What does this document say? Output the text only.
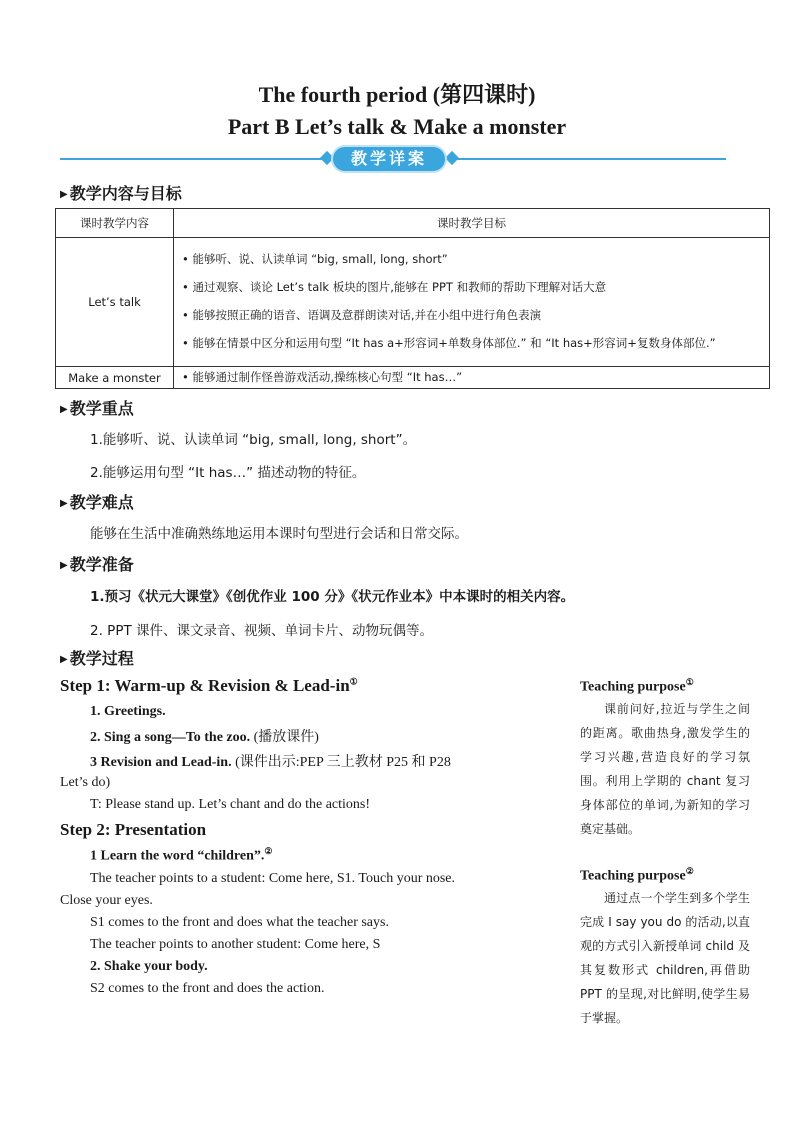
The fourth period (第四课时)
Part B Let’s talk & Make a monster
教学详案
▶ 教学内容与目标
课时教学内容	课时教学目标
Let’s talk	• 能够听、说、认读单词 “big, small, long, short”
• 通过观察、谈论 Let’s talk 板块的图片,能够在 PPT 和教师的帮助下理解对话大意
• 能够按照正确的语音、语调及意群朗读对话,并在小组中进行角色表演
• 能够在情景中区分和运用句型 “It has a+形容词+单数身体部位.” 和 “It has+形容词+复数身体部位.”

Make a monster	• 能够通过制作怪兽游戏活动,操练核心句型 “It has…”
▶ 教学重点
1.能够听、说、认读单词 “big, small, long, short”。
2.能够运用句型 “It has…” 描述动物的特征。
▶ 教学难点
能够在生活中准确熟练地运用本课时句型进行会话和日常交际。
▶ 教学准备
1.预习《状元大课堂》《创优作业 100 分》《状元作业本》中本课时的相关内容。
2. PPT 课件、课文录音、视频、单词卡片、动物玩偶等。
▶ 教学过程
Step 1: Warm-up & Revision & Lead-in①
1. Greetings.
2. Sing a song—To the zoo. (播放课件)
3 Revision and Lead-in. (课件出示:PEP 三上教材 P25 和 P28
Let’s do)
T: Please stand up. Let’s chant and do the actions!
Step 2: Presentation
1 Learn the word “children”.②
The teacher points to a student: Come here, S1. Touch your nose.
Close your eyes.
S1 comes to the front and does what the teacher says.
The teacher points to another student: Come here, S
2. Shake your body.
S2 comes to the front and does the action.
Teaching purpose①
课前问好,拉近与学生之间的距离。歌曲热身,激发学生的学习兴趣,营造良好的学习氛围。利用上学期的 chant 复习身体部位的单词,为新知的学习奠定基础。
Teaching purpose②
通过点一个学生到多个学生完成 I say you do 的活动,以直观的方式引入新授单词 child 及其复数形式 children,再借助 PPT 的呈现,对比鲜明,使学生易于掌握。
